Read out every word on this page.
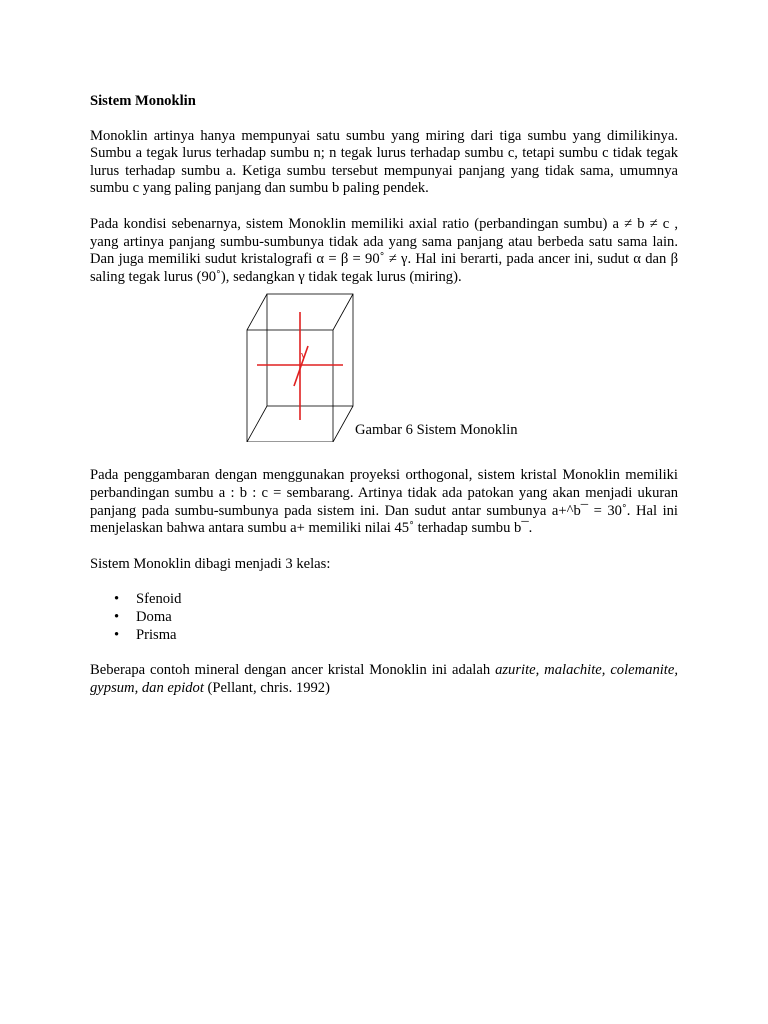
Sistem Monoklin

Monoklin artinya hanya mempunyai satu sumbu yang miring dari tiga sumbu yang dimilikinya. Sumbu a tegak lurus terhadap sumbu n; n tegak lurus terhadap sumbu c, tetapi sumbu c tidak tegak lurus terhadap sumbu a. Ketiga sumbu tersebut mempunyai panjang yang tidak sama, umumnya sumbu c yang paling panjang dan sumbu b paling pendek.

Pada kondisi sebenarnya, sistem Monoklin memiliki axial ratio (perbandingan sumbu) a ≠ b ≠ c , yang artinya panjang sumbu-sumbunya tidak ada yang sama panjang atau berbeda satu sama lain. Dan juga memiliki sudut kristalografi α = β = 90˚ ≠ γ. Hal ini berarti, pada ancer ini, sudut α dan β saling tegak lurus (90˚), sedangkan γ tidak tegak lurus (miring).

γ
Gambar 6 Sistem Monoklin

Pada penggambaran dengan menggunakan proyeksi orthogonal, sistem kristal Monoklin memiliki perbandingan sumbu a : b : c = sembarang. Artinya tidak ada patokan yang akan menjadi ukuran panjang pada sumbu-sumbunya pada sistem ini. Dan sudut antar sumbunya a+^b¯ = 30˚. Hal ini menjelaskan bahwa antara sumbu a+ memiliki nilai 45˚ terhadap sumbu b¯.

Sistem Monoklin dibagi menjadi 3 kelas:

• Sfenoid
• Doma
• Prisma

Beberapa contoh mineral dengan ancer kristal Monoklin ini adalah azurite, malachite, colemanite, gypsum, dan epidot (Pellant, chris. 1992)
